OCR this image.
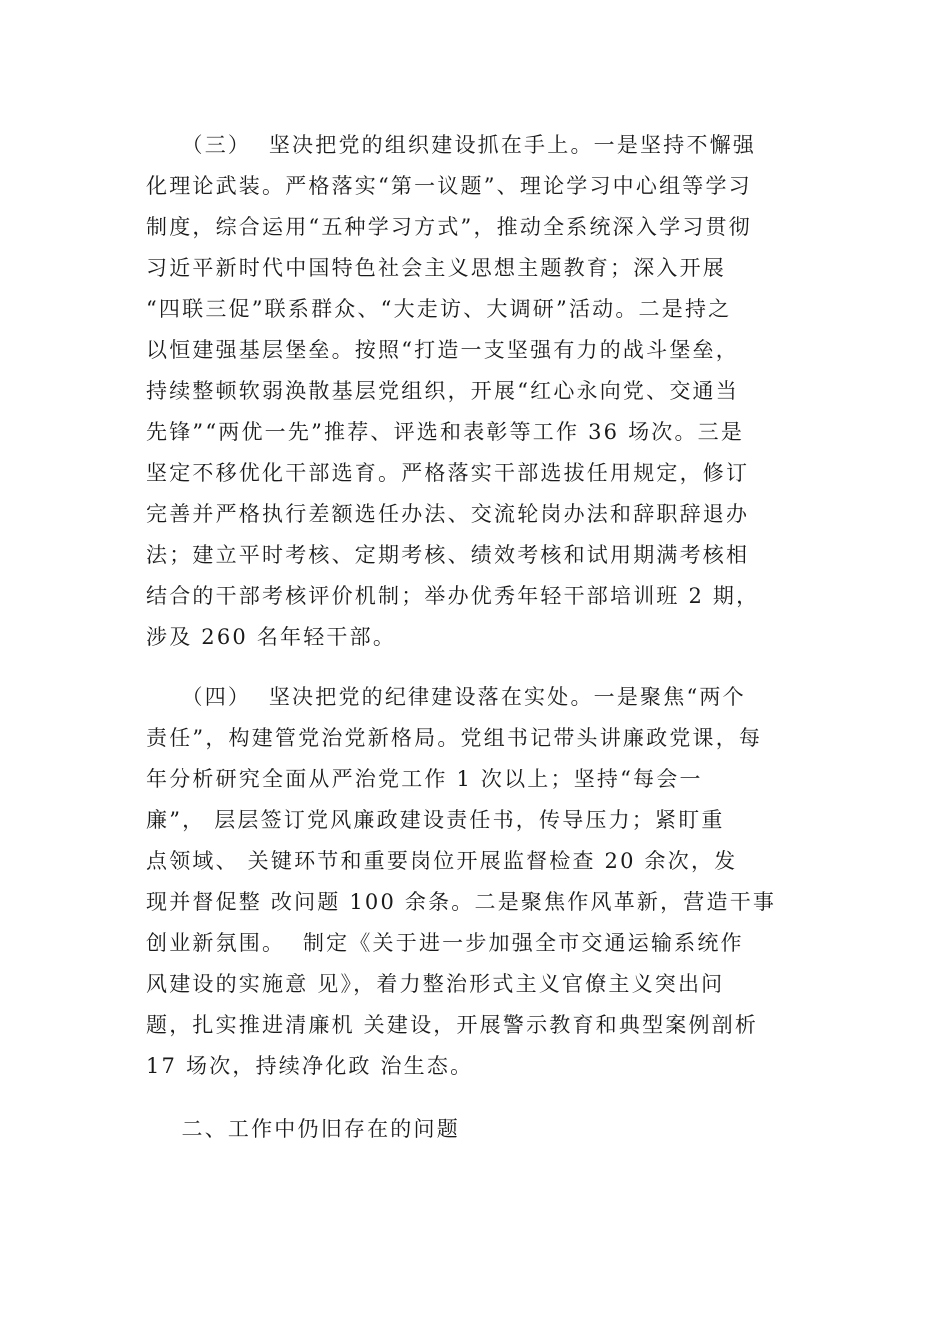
（三）  坚决把党的组织建设抓在手上。一是坚持不懈强

化理论武装。严格落实“第一议题”、理论学习中心组等学习

制度，综合运用“五种学习方式”，推动全系统深入学习贯彻

习近平新时代中国特色社会主义思想主题教育；深入开展

“四联三促”联系群众、“大走访、大调研”活动。二是持之

以恒建强基层堡垒。按照“打造一支坚强有力的战斗堡垒，

持续整顿软弱涣散基层党组织，开展“红心永向党、交通当

先锋”“两优一先”推荐、评选和表彰等工作 36 场次。三是

坚定不移优化干部选育。严格落实干部选拔任用规定，修订

完善并严格执行差额选任办法、交流轮岗办法和辞职辞退办

法；建立平时考核、定期考核、绩效考核和试用期满考核相

结合的干部考核评价机制；举办优秀年轻干部培训班 2 期，

涉及 260 名年轻干部。

（四）  坚决把党的纪律建设落在实处。一是聚焦“两个

责任”，构建管党治党新格局。党组书记带头讲廉政党课，每

年分析研究全面从严治党工作 1 次以上；坚持“每会一

廉”， 层层签订党风廉政建设责任书，传导压力；紧盯重

点领域、 关键环节和重要岗位开展监督检查 20 余次，发

现并督促整 改问题 100 余条。二是聚焦作风革新，营造干事

创业新氛围。  制定《关于进一步加强全市交通运输系统作

风建设的实施意 见》，着力整治形式主义官僚主义突出问

题，扎实推进清廉机 关建设，开展警示教育和典型案例剖析

17 场次，持续净化政 治生态。

二、工作中仍旧存在的问题
